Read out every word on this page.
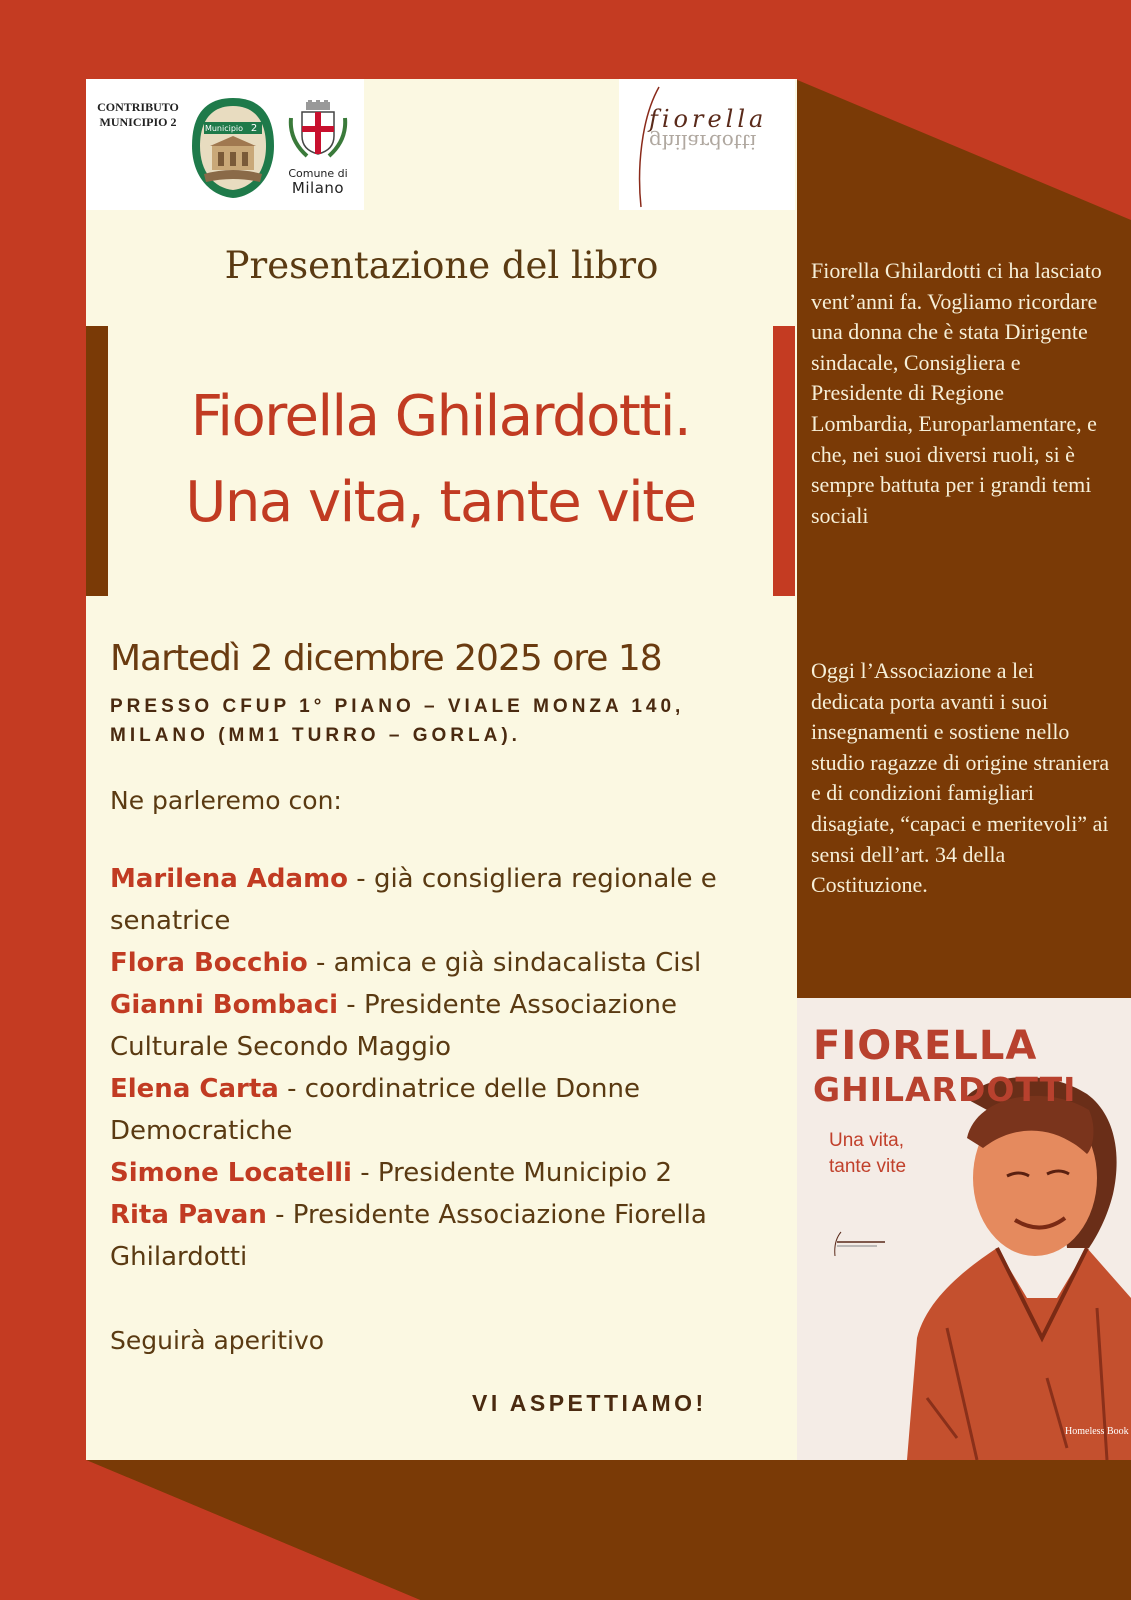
CONTRIBUTO MUNICIPIO 2	Municipio 2
Comune di
Milano
fiorella
ghilardotti
Presentazione del libro
Fiorella Ghilardotti.
Una vita, tante vite
Martedì 2 dicembre 2025 ore 18
PRESSO CFUP 1° PIANO – VIALE MONZA 140, MILANO (MM1 TURRO – GORLA).
Ne parleremo con:
Marilena Adamo - già consigliera regionale e senatrice
Flora Bocchio - amica e già sindacalista Cisl
Gianni Bombaci - Presidente Associazione Culturale Secondo Maggio
Elena Carta - coordinatrice delle Donne Democratiche
Simone Locatelli - Presidente Municipio 2
Rita Pavan - Presidente Associazione Fiorella Ghilardotti
Seguirà aperitivo
VI ASPETTIAMO!
Fiorella Ghilardotti ci ha lasciato vent’anni fa. Vogliamo ricordare una donna che è stata Dirigente sindacale, Consigliera e Presidente di Regione Lombardia, Europarlamentare, e che, nei suoi diversi ruoli, si è sempre battuta per i grandi temi sociali
Oggi l’Associazione a lei dedicata porta avanti i suoi insegnamenti e sostiene nello studio ragazze di origine straniera e di condizioni famigliari disagiate, “capaci e meritevoli” ai sensi dell’art. 34 della Costituzione.
FIORELLA
GHILARDOTTI
Una vita,
tante vite
Homeless Book
